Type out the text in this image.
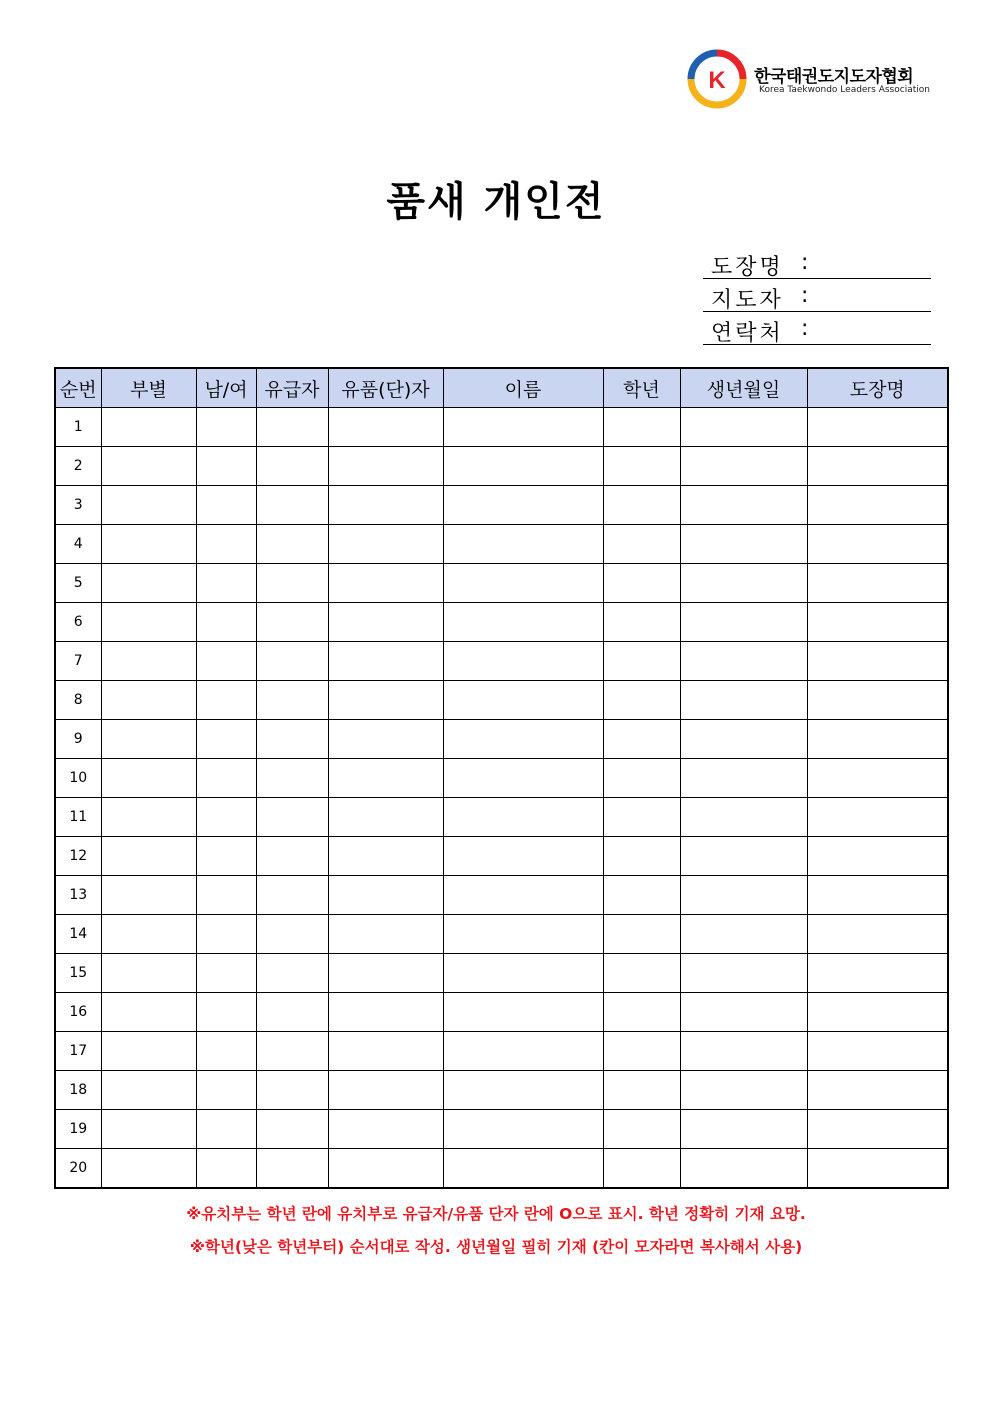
K 한국태권도지도자협회
Korea Taekwondo Leaders Association
품새 개인전
도장명 :
지도자 :
연락처 :
순번	부별	남/여	유급자	유품(단)자	이름	학년	생년월일	도장명
1								
2								
3								
4								
5								
6								
7								
8								
9								
10								
11								
12								
13								
14								
15								
16								
17								
18								
19								
20								
※유치부는 학년 란에 유치부로 유급자/유품 단자 란에 O으로 표시. 학년 정확히 기재 요망.
※학년(낮은 학년부터) 순서대로 작성. 생년월일 필히 기재 (칸이 모자라면 복사해서 사용)
